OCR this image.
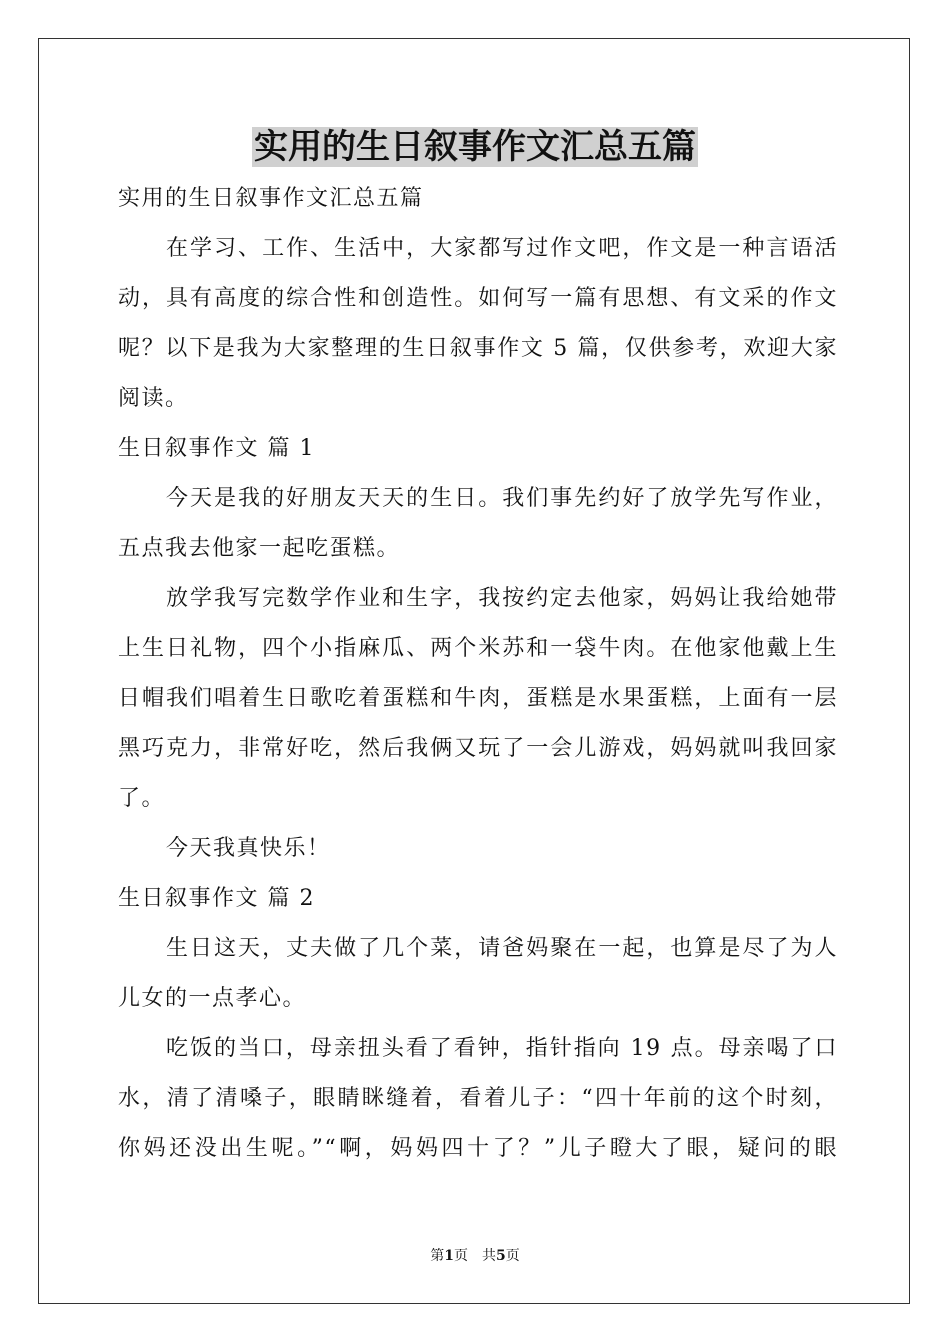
实用的生日叙事作文汇总五篇

实用的生日叙事作文汇总五篇

在学习、工作、生活中，大家都写过作文吧，作文是一种言语活

动，具有高度的综合性和创造性。如何写一篇有思想、有文采的作文

呢？以下是我为大家整理的生日叙事作文 5 篇，仅供参考，欢迎大家

阅读。

生日叙事作文 篇 1

今天是我的好朋友天天的生日。我们事先约好了放学先写作业，

五点我去他家一起吃蛋糕。

放学我写完数学作业和生字，我按约定去他家，妈妈让我给她带

上生日礼物，四个小指麻瓜、两个米苏和一袋牛肉。在他家他戴上生

日帽我们唱着生日歌吃着蛋糕和牛肉，蛋糕是水果蛋糕，上面有一层

黑巧克力，非常好吃，然后我俩又玩了一会儿游戏，妈妈就叫我回家

了。

今天我真快乐！

生日叙事作文 篇 2

生日这天，丈夫做了几个菜，请爸妈聚在一起，也算是尽了为人

儿女的一点孝心。

吃饭的当口，母亲扭头看了看钟，指针指向 19 点。母亲喝了口

水，清了清嗓子，眼睛眯缝着，看着儿子：“四十年前的这个时刻，

你妈还没出生呢。”“啊，妈妈四十了？”儿子瞪大了眼，疑问的眼

第1页　共5页
